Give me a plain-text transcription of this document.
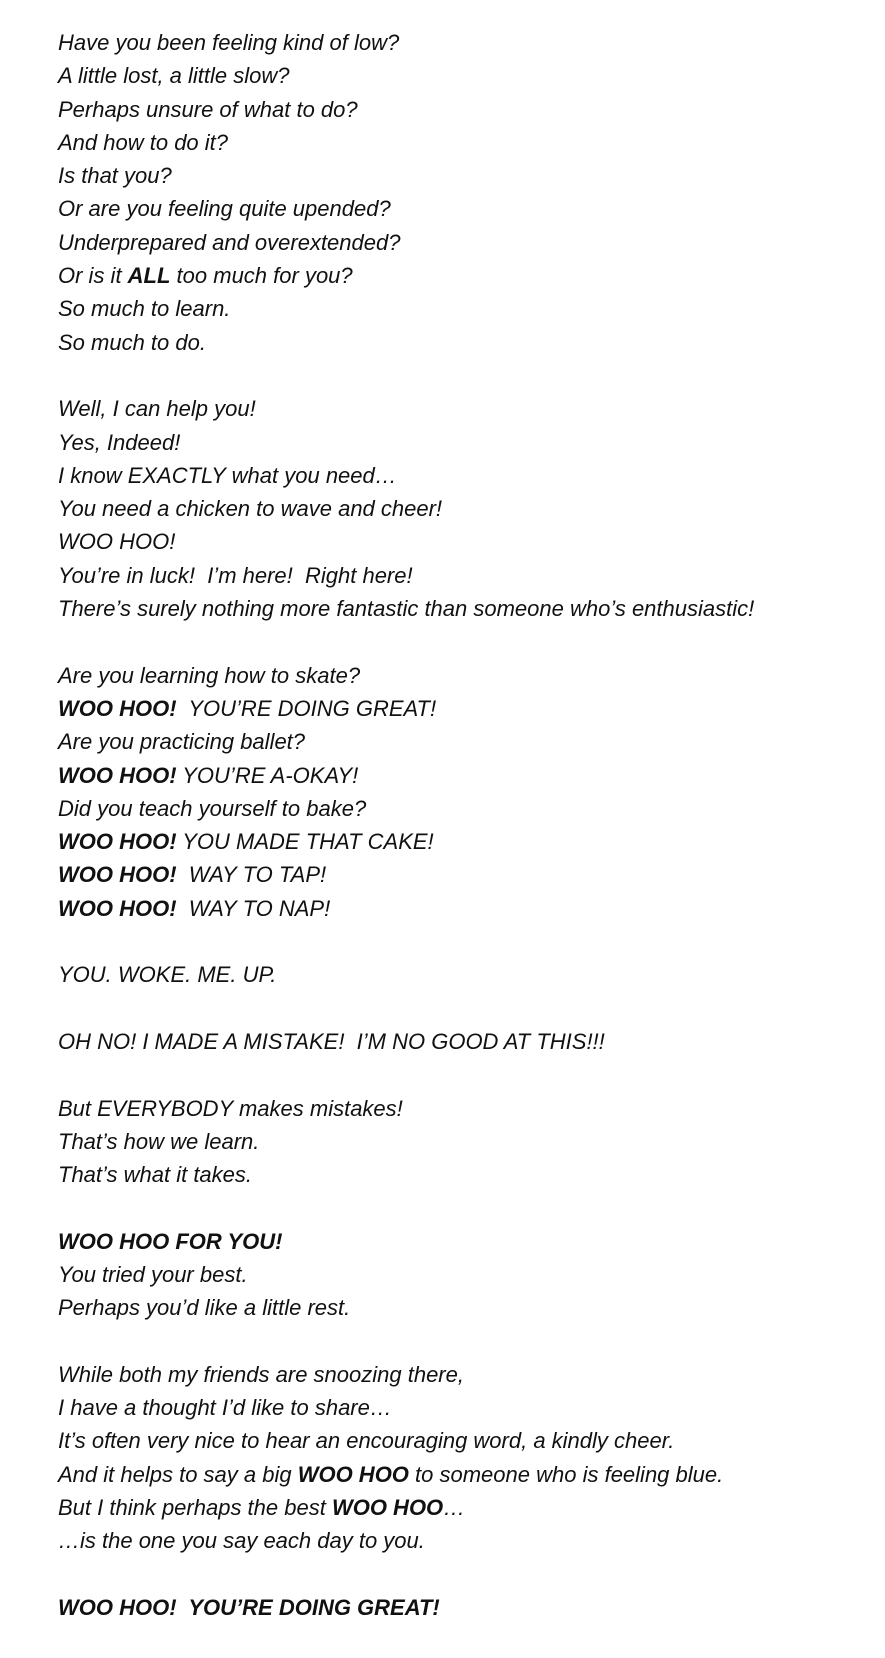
Have you been feeling kind of low?
A little lost, a little slow?
Perhaps unsure of what to do?
And how to do it?
Is that you?
Or are you feeling quite upended?
Underprepared and overextended?
Or is it ALL too much for you?
So much to learn.
So much to do.
Well, I can help you!
Yes, Indeed!
I know EXACTLY what you need…
You need a chicken to wave and cheer!
WOO HOO!
You’re in luck!  I’m here!  Right here!
There’s surely nothing more fantastic than someone who’s enthusiastic!
Are you learning how to skate?
WOO HOO!  YOU’RE DOING GREAT!
Are you practicing ballet?
WOO HOO! YOU’RE A-OKAY!
Did you teach yourself to bake?
WOO HOO! YOU MADE THAT CAKE!
WOO HOO!  WAY TO TAP!
WOO HOO!  WAY TO NAP!
YOU. WOKE. ME. UP.
OH NO! I MADE A MISTAKE!  I’M NO GOOD AT THIS!!!
But EVERYBODY makes mistakes!
That’s how we learn.
That’s what it takes.
WOO HOO FOR YOU!
You tried your best.
Perhaps you’d like a little rest.
While both my friends are snoozing there,
I have a thought I’d like to share…
It’s often very nice to hear an encouraging word, a kindly cheer.
And it helps to say a big WOO HOO to someone who is feeling blue.
But I think perhaps the best WOO HOO…
…is the one you say each day to you.
WOO HOO!  YOU’RE DOING GREAT!
